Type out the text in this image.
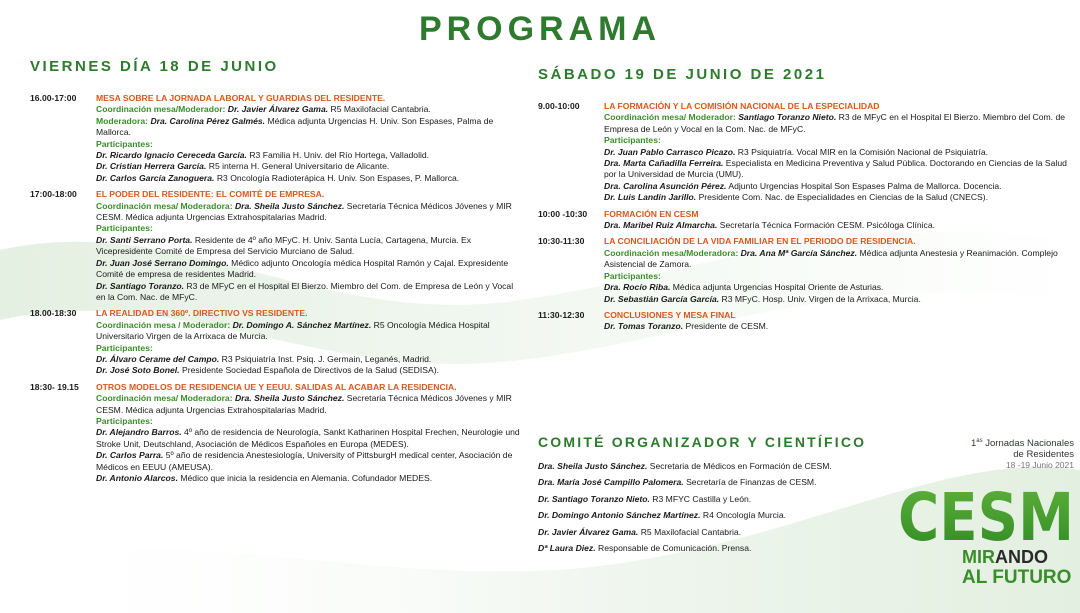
PROGRAMA
VIERNES DÍA 18 DE JUNIO	SÁBADO 19 DE JUNIO DE 2021
16.00-17:00	MESA SOBRE LA JORNADA LABORAL Y GUARDIAS DEL RESIDENTE.
Coordinación mesa/Moderador: Dr. Javier Álvarez Gama. R5 Maxilofacial Cantabria.
Moderadora: Dra. Carolina Pérez Galmés. Médica adjunta Urgencias H. Univ. Son Espases, Palma de Mallorca.
Participantes:
Dr. Ricardo Ignacio Cereceda García. R3 Familia H. Univ. del Río Hortega, Valladolid.
Dr. Cristian Herrera García. R5 interna H. General Universitario de Alicante.
Dr. Carlos García Zanoguera. R3 Oncología Radioterápica H. Univ. Son Espases, P. Mallorca.
17:00-18:00	EL PODER DEL RESIDENTE: EL COMITÉ DE EMPRESA.
Coordinación mesa/ Moderadora: Dra. Sheila Justo Sánchez. Secretaria Técnica Médicos Jóvenes y MIR CESM. Médica adjunta Urgencias Extrahospitalarias Madrid.
Participantes:
Dr. Santi Serrano Porta. Residente de 4º año MFyC. H. Univ. Santa Lucía, Cartagena, Murcia. Ex Vicepresidente Comité de Empresa del Servicio Murciano de Salud.
Dr. Juan José Serrano Domingo. Médico adjunto Oncología médica Hospital Ramón y Cajal. Expresidente Comité de empresa de residentes Madrid.
Dr. Santiago Toranzo. R3 de MFyC en el Hospital El Bierzo. Miembro del Com. de Empresa de León y Vocal en la Com. Nac. de MFyC.
18.00-18:30	LA REALIDAD EN 360º. DIRECTIVO VS RESIDENTE.
Coordinación mesa / Moderador: Dr. Domingo A. Sánchez Martínez. R5 Oncología Médica Hospital Universitario Virgen de la Arrixaca de Murcia.
Participantes:
Dr. Álvaro Cerame del Campo. R3 Psiquiatría Inst. Psiq. J. Germain, Leganés, Madrid.
Dr. José Soto Bonel. Presidente Sociedad Española de Directivos de la Salud (SEDISA).
18:30- 19.15	OTROS MODELOS DE RESIDENCIA UE Y EEUU. SALIDAS AL ACABAR LA RESIDENCIA.
Coordinación mesa/ Moderadora: Dra. Sheila Justo Sánchez. Secretaria Técnica Médicos Jóvenes y MIR CESM. Médica adjunta Urgencias Extrahospitalarias Madrid.
Participantes:
Dr. Alejandro Barros. 4º año de residencia de Neurología, Sankt Katharinen Hospital Frechen, Neurologie und Stroke Unit, Deutschland, Asociación de Médicos Españoles en Europa (MEDES).
Dr. Carlos Parra. 5º año de residencia Anestesiología, University of PittsburgH medical center, Asociación de Médicos en EEUU (AMEUSA).
Dr. Antonio Alarcos. Médico que inicia la residencia en Alemania. Cofundador MEDES.
9.00-10:00	LA FORMACIÓN Y LA COMISIÓN NACIONAL DE LA ESPECIALIDAD
Coordinación mesa/ Moderador: Santiago Toranzo Nieto. R3 de MFyC en el Hospital El Bierzo. Miembro del Com. de Empresa de León y Vocal en la Com. Nac. de MFyC.
Participantes:
Dr. Juan Pablo Carrasco Picazo. R3 Psiquiatría. Vocal MIR en la Comisión Nacional de Psiquiatría.
Dra. Marta Cañadilla Ferreira. Especialista en Medicina Preventiva y Salud Pública. Doctorando en Ciencias de la Salud por la Universidad de Murcia (UMU).
Dra. Carolina Asunción Pérez. Adjunto Urgencias Hospital Son Espases Palma de Mallorca. Docencia.
Dr. Luis Landín Jarillo. Presidente Com. Nac. de Especialidades en Ciencias de la Salud (CNECS).
10:00 -10:30	FORMACIÓN EN CESM
Dra. Maribel Ruiz Almarcha. Secretaría Técnica Formación CESM. Psicóloga Clínica.
10:30-11:30	LA CONCILIACIÓN DE LA VIDA FAMILIAR EN EL PERIODO DE RESIDENCIA.
Coordinación mesa/Moderadora: Dra. Ana Mª García Sánchez. Médica adjunta Anestesia y Reanimación. Complejo Asistencial de Zamora.
Participantes:
Dra. Rocío Riba. Médica adjunta Urgencias Hospital Oriente de Asturias.
Dr. Sebastián García García. R3 MFyC. Hosp. Univ. Virgen de la Arrixaca, Murcia.
11:30-12:30	CONCLUSIONES Y MESA FINAL
Dr. Tomas Toranzo. Presidente de CESM.
COMITÉ ORGANIZADOR Y CIENTÍFICO
Dra. Sheila Justo Sánchez. Secretaria de Médicos en Formación de CESM.
Dra. María José Campillo Palomera. Secretaría de Finanzas de CESM.
Dr. Santiago Toranzo Nieto. R3 MFYC Castilla y León.
Dr. Domingo Antonio Sánchez Martínez. R4 Oncología Murcia.
Dr. Javier Álvarez Gama. R5 Maxilofacial Cantabria.
Dª Laura Diez. Responsable de Comunicación. Prensa.
$1^{as}$ Jornadas Nacionales
de Residentes
18 -19 Junio 2021
CESM
MIRANDO
AL FUTURO
